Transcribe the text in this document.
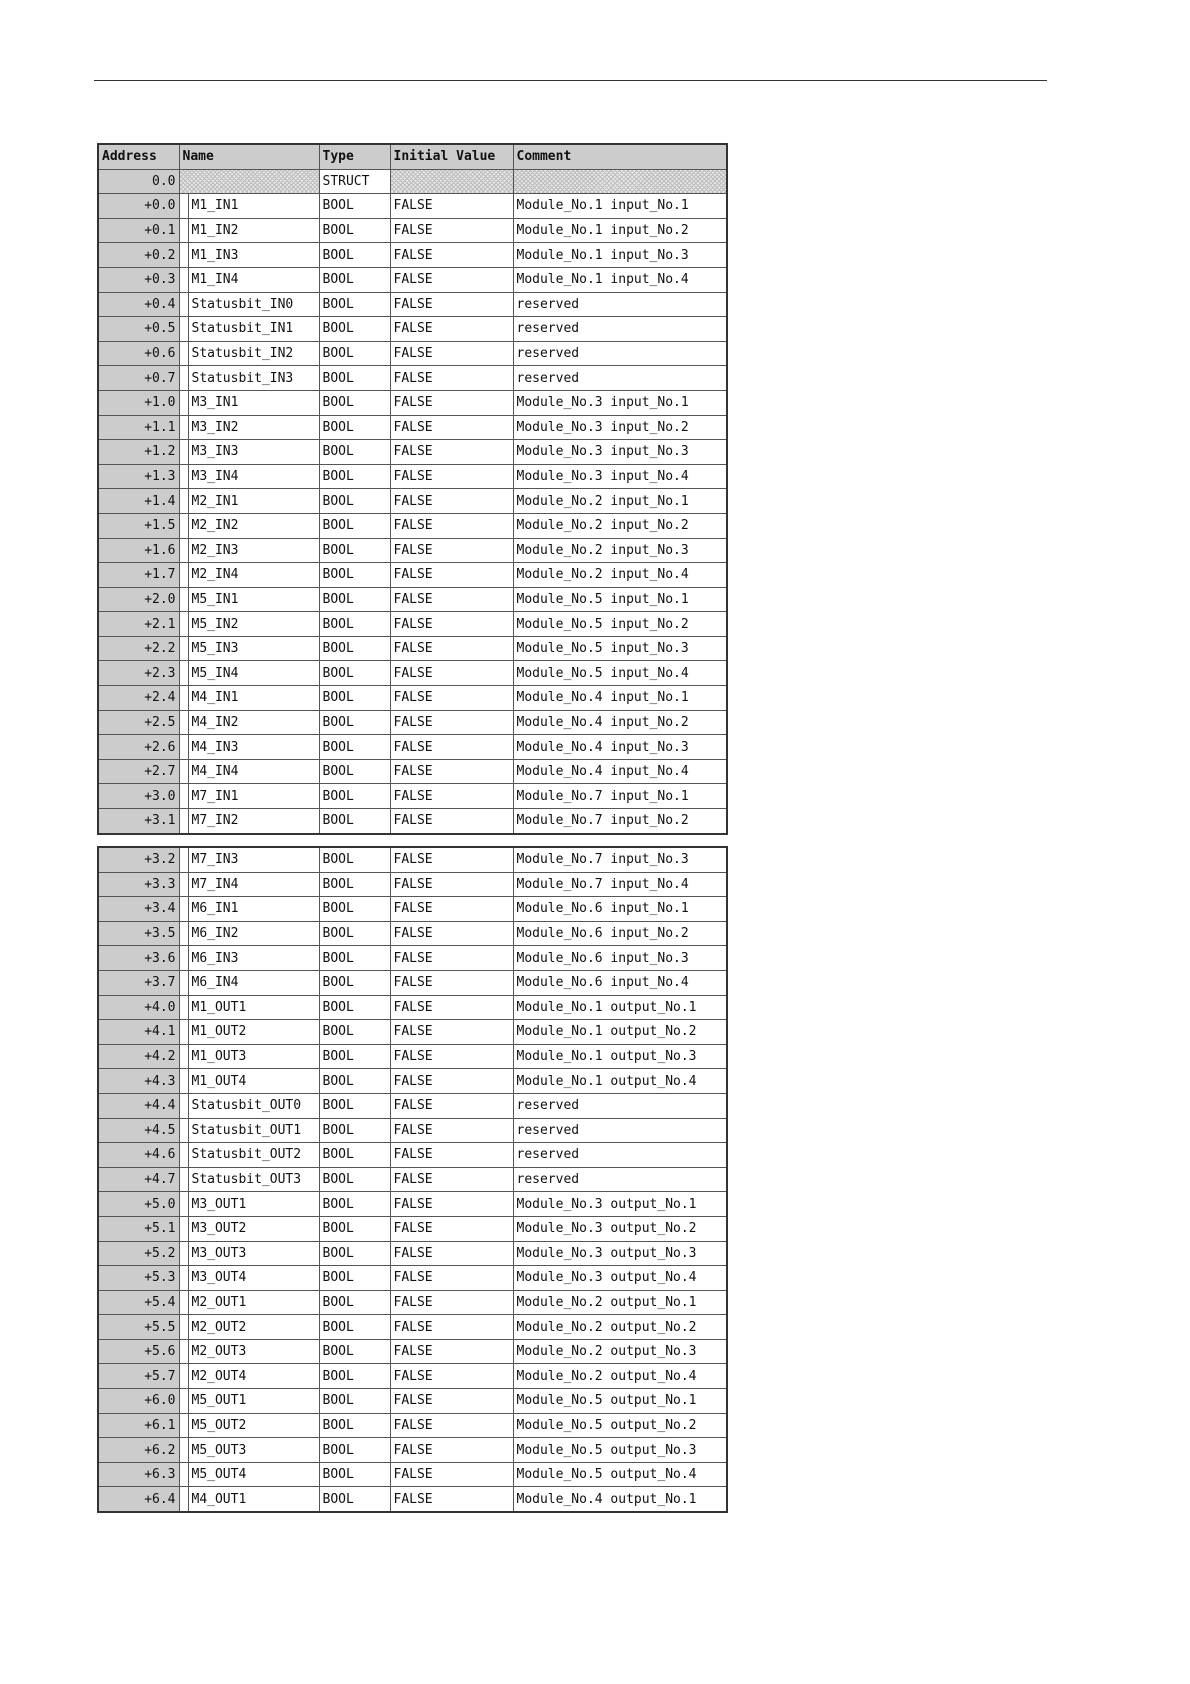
Address	Name		Type	Initial Value	Comment
0.0			STRUCT		
+0.0		M1_IN1	BOOL	FALSE	Module_No.1 input_No.1
+0.1		M1_IN2	BOOL	FALSE	Module_No.1 input_No.2
+0.2		M1_IN3	BOOL	FALSE	Module_No.1 input_No.3
+0.3		M1_IN4	BOOL	FALSE	Module_No.1 input_No.4
+0.4		Statusbit_IN0	BOOL	FALSE	reserved
+0.5		Statusbit_IN1	BOOL	FALSE	reserved
+0.6		Statusbit_IN2	BOOL	FALSE	reserved
+0.7		Statusbit_IN3	BOOL	FALSE	reserved
+1.0		M3_IN1	BOOL	FALSE	Module_No.3 input_No.1
+1.1		M3_IN2	BOOL	FALSE	Module_No.3 input_No.2
+1.2		M3_IN3	BOOL	FALSE	Module_No.3 input_No.3
+1.3		M3_IN4	BOOL	FALSE	Module_No.3 input_No.4
+1.4		M2_IN1	BOOL	FALSE	Module_No.2 input_No.1
+1.5		M2_IN2	BOOL	FALSE	Module_No.2 input_No.2
+1.6		M2_IN3	BOOL	FALSE	Module_No.2 input_No.3
+1.7		M2_IN4	BOOL	FALSE	Module_No.2 input_No.4
+2.0		M5_IN1	BOOL	FALSE	Module_No.5 input_No.1
+2.1		M5_IN2	BOOL	FALSE	Module_No.5 input_No.2
+2.2		M5_IN3	BOOL	FALSE	Module_No.5 input_No.3
+2.3		M5_IN4	BOOL	FALSE	Module_No.5 input_No.4
+2.4		M4_IN1	BOOL	FALSE	Module_No.4 input_No.1
+2.5		M4_IN2	BOOL	FALSE	Module_No.4 input_No.2
+2.6		M4_IN3	BOOL	FALSE	Module_No.4 input_No.3
+2.7		M4_IN4	BOOL	FALSE	Module_No.4 input_No.4
+3.0		M7_IN1	BOOL	FALSE	Module_No.7 input_No.1
+3.1		M7_IN2	BOOL	FALSE	Module_No.7 input_No.2
+3.2		M7_IN3	BOOL	FALSE	Module_No.7 input_No.3
+3.3		M7_IN4	BOOL	FALSE	Module_No.7 input_No.4
+3.4		M6_IN1	BOOL	FALSE	Module_No.6 input_No.1
+3.5		M6_IN2	BOOL	FALSE	Module_No.6 input_No.2
+3.6		M6_IN3	BOOL	FALSE	Module_No.6 input_No.3
+3.7		M6_IN4	BOOL	FALSE	Module_No.6 input_No.4
+4.0		M1_OUT1	BOOL	FALSE	Module_No.1 output_No.1
+4.1		M1_OUT2	BOOL	FALSE	Module_No.1 output_No.2
+4.2		M1_OUT3	BOOL	FALSE	Module_No.1 output_No.3
+4.3		M1_OUT4	BOOL	FALSE	Module_No.1 output_No.4
+4.4		Statusbit_OUT0	BOOL	FALSE	reserved
+4.5		Statusbit_OUT1	BOOL	FALSE	reserved
+4.6		Statusbit_OUT2	BOOL	FALSE	reserved
+4.7		Statusbit_OUT3	BOOL	FALSE	reserved
+5.0		M3_OUT1	BOOL	FALSE	Module_No.3 output_No.1
+5.1		M3_OUT2	BOOL	FALSE	Module_No.3 output_No.2
+5.2		M3_OUT3	BOOL	FALSE	Module_No.3 output_No.3
+5.3		M3_OUT4	BOOL	FALSE	Module_No.3 output_No.4
+5.4		M2_OUT1	BOOL	FALSE	Module_No.2 output_No.1
+5.5		M2_OUT2	BOOL	FALSE	Module_No.2 output_No.2
+5.6		M2_OUT3	BOOL	FALSE	Module_No.2 output_No.3
+5.7		M2_OUT4	BOOL	FALSE	Module_No.2 output_No.4
+6.0		M5_OUT1	BOOL	FALSE	Module_No.5 output_No.1
+6.1		M5_OUT2	BOOL	FALSE	Module_No.5 output_No.2
+6.2		M5_OUT3	BOOL	FALSE	Module_No.5 output_No.3
+6.3		M5_OUT4	BOOL	FALSE	Module_No.5 output_No.4
+6.4		M4_OUT1	BOOL	FALSE	Module_No.4 output_No.1
